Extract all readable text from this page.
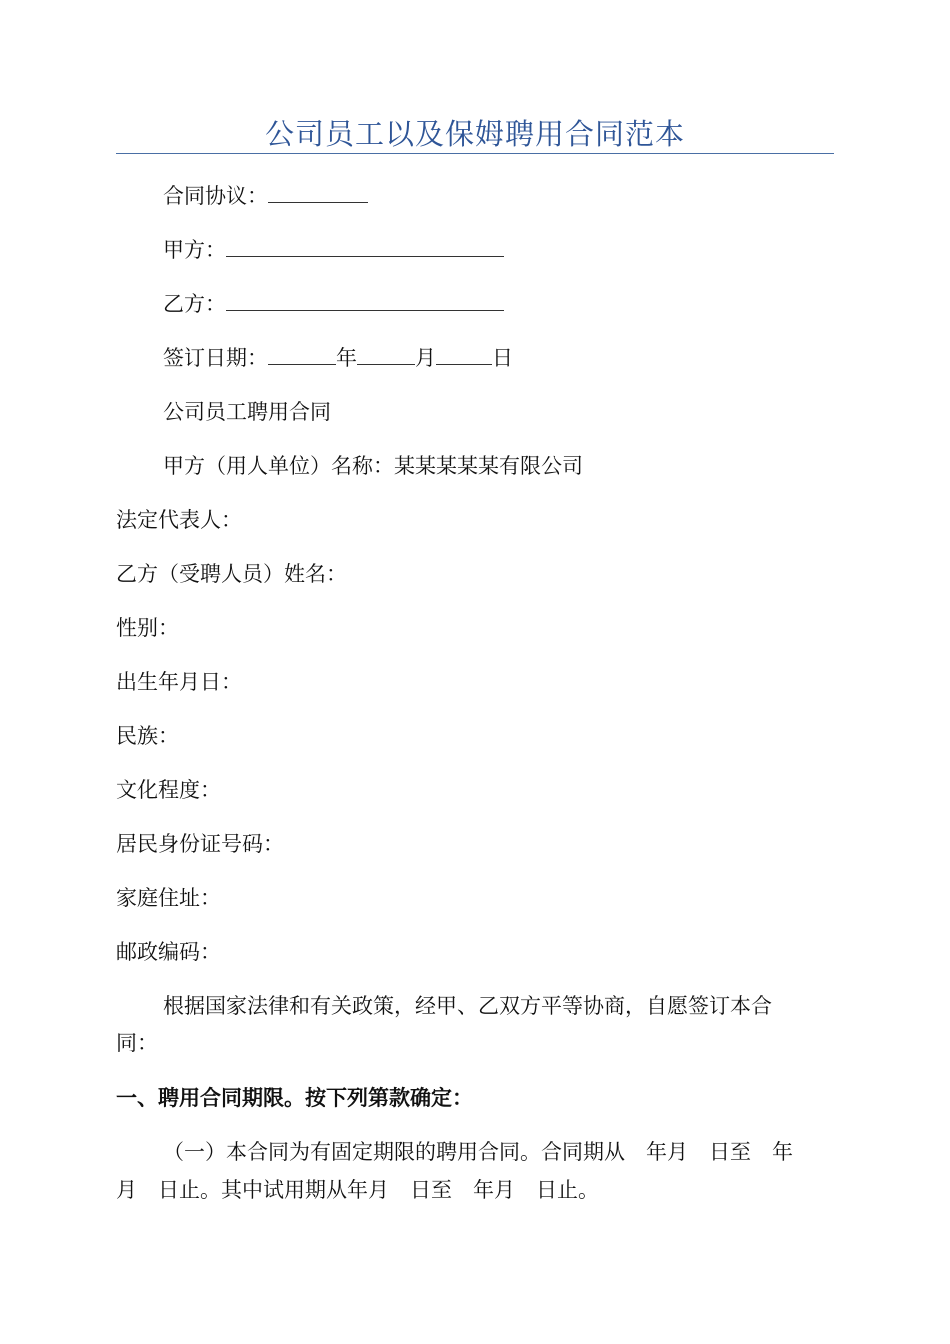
公司员工以及保姆聘用合同范本
合同协议：
甲方：
乙方：
签订日期：	年	月	日
公司员工聘用合同
甲方（用人单位）名称：某某某某某有限公司
法定代表人：
乙方（受聘人员）姓名：
性别：
出生年月日：
民族：
文化程度：
居民身份证号码：
家庭住址：
邮政编码：
根据国家法律和有关政策，经甲、乙双方平等协商，自愿签订本合
同：
一、聘用合同期限。按下列第款确定：
（一）本合同为有固定期限的聘用合同。合同期从　年月　日至　年
月　日止。其中试用期从年月　日至　年月　日止。
